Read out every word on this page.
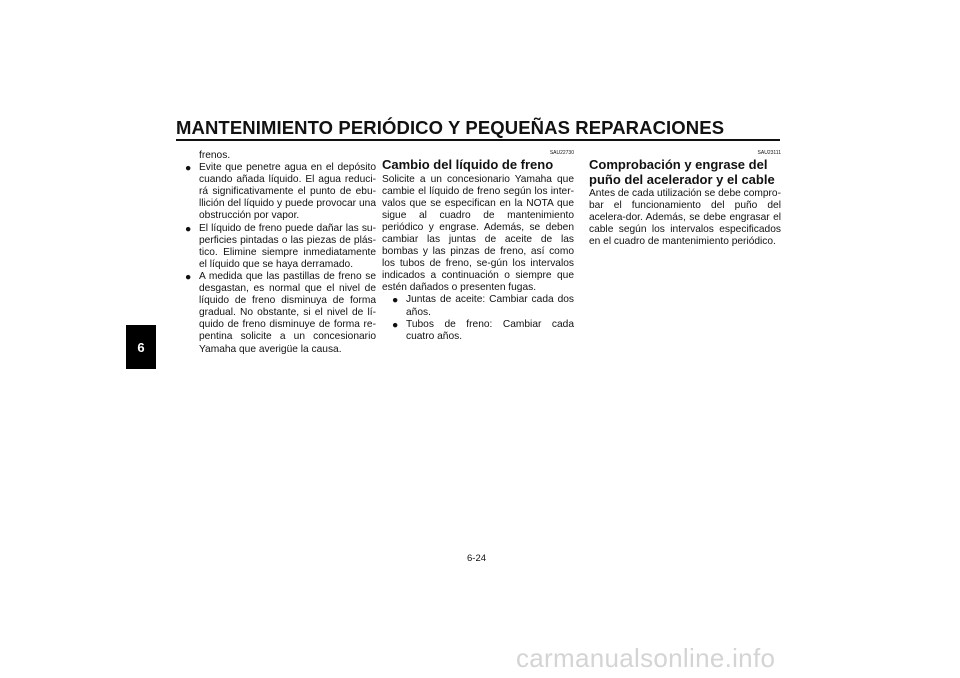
MANTENIMIENTO PERIÓDICO Y PEQUEÑAS REPARACIONES
6

frenos.

● Evite que penetre agua en el depósito cuando añada líquido. El agua reduci-rá significativamente el punto de ebu-llición del líquido y puede provocar una obstrucción por vapor.
● El líquido de freno puede dañar las su-perficies pintadas o las piezas de plás-tico. Elimine siempre inmediatamente el líquido que se haya derramado.
● A medida que las pastillas de freno se desgastan, es normal que el nivel de líquido de freno disminuya de forma gradual. No obstante, si el nivel de lí-quido de freno disminuye de forma re-pentina solicite a un concesionario Yamaha que averigüe la causa.
SAU22730
Cambio del líquido de freno

Solicite a un concesionario Yamaha que cambie el líquido de freno según los inter-valos que se especifican en la NOTA que sigue al cuadro de mantenimiento periódico y engrase. Además, se deben cambiar las juntas de aceite de las bombas y las pinzas de freno, así como los tubos de freno, se-gún los intervalos indicados a continuación o siempre que estén dañados o presenten fugas.

● Juntas de aceite: Cambiar cada dos años.
● Tubos de freno: Cambiar cada cuatro años.
SAU23111
Comprobación y engrase del puño del acelerador y el cable

Antes de cada utilización se debe compro-bar el funcionamiento del puño del acelera-dor. Además, se debe engrasar el cable según los intervalos especificados en el cuadro de mantenimiento periódico.

6-24
carmanualsonline.info
